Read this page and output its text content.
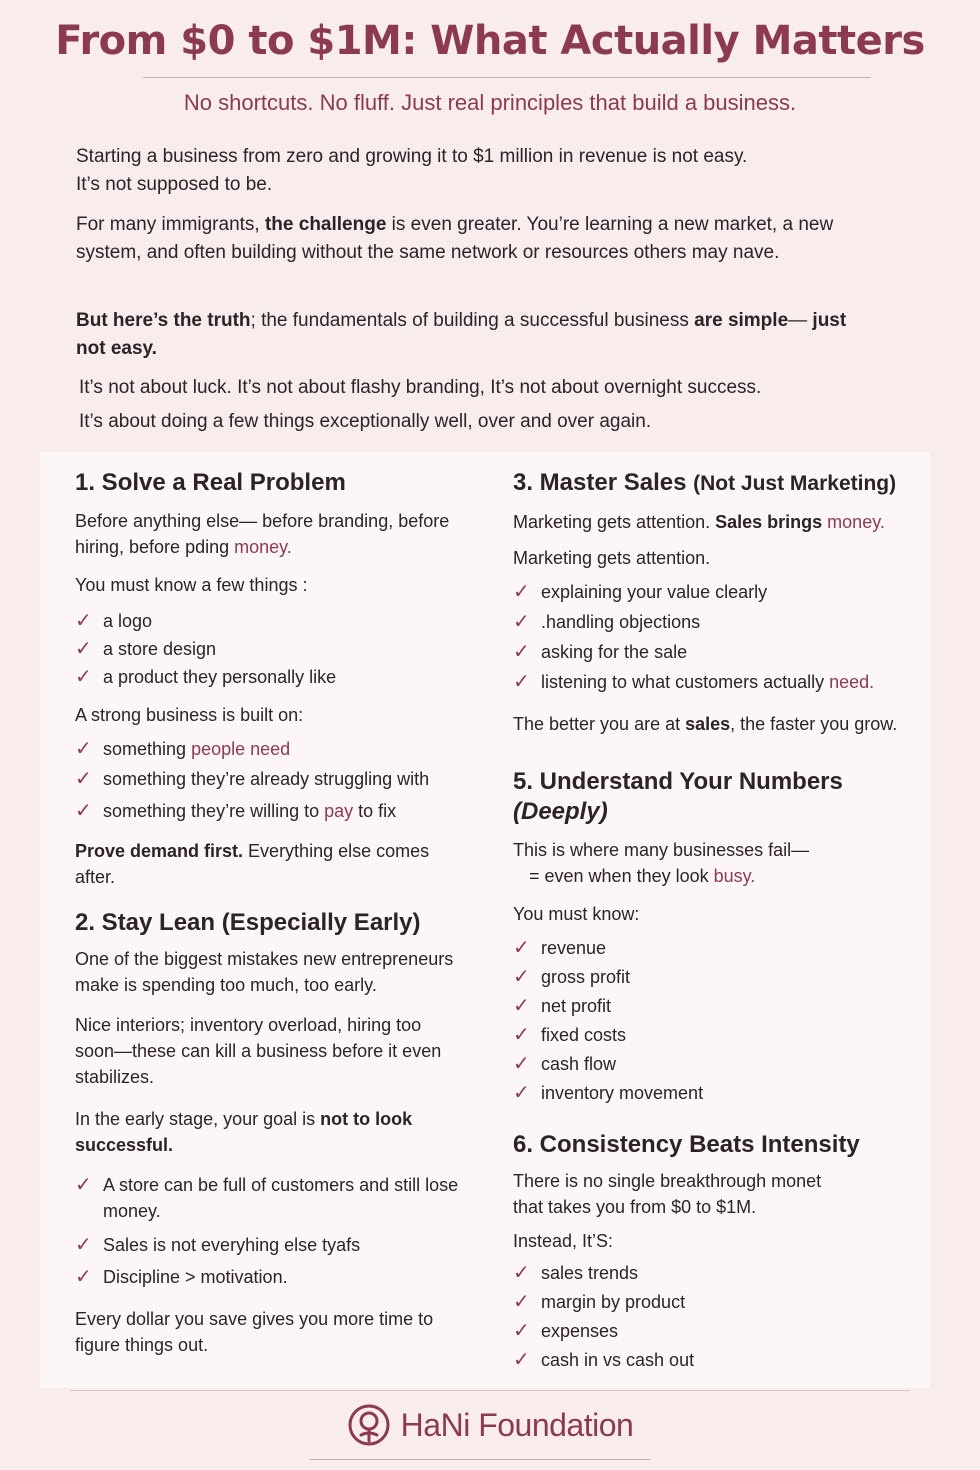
From $0 to $1M: What Actually Matters
No shortcuts. No fluff. Just real principles that build a business.
Starting a business from zero and growing it to $1 million in revenue is not easy.
It’s not supposed to be.
For many immigrants, the challenge is even greater. You’re learning a new market, a new system, and often building without the same network or resources others may nave.
But here’s the truth; the fundamentals of building a successful business are simple— just not easy.
It’s not about luck. It’s not about flashy branding, It’s not about overnight success.
It’s about doing a few things exceptionally well, over and over again.
1. Solve a Real Problem

Before anything else— before branding, before hiring, before pding money.

You must know a few things :

✓ a logo
✓ a store design
✓ a product they personally like

A strong business is built on:

✓ something people need
✓ something they’re already struggling with
✓ something they’re willing to pay to fix

Prove demand first. Everything else comes after.

2. Stay Lean (Especially Early)

One of the biggest mistakes new entrepreneurs make is spending too much, too early.

Nice interiors; inventory overload, hiring too soon—these can kill a business before it even stabilizes.

In the early stage, your goal is not to look successful.

✓ A store can be full of customers and still lose money.
✓ Sales is not everyhing else tyafs
✓ Discipline > motivation.

Every dollar you save gives you more time to figure things out.

3. Master Sales (Not Just Marketing)

Marketing gets attention. Sales brings money.

Marketing gets attention.

✓ explaining your value clearly
✓ .handling objections
✓ asking for the sale
✓ listening to what customers actually need.

The better you are at sales, the faster you grow.

5. Understand Your Numbers (Deeply)

This is where many businesses fail—

= even when they look busy.

You must know:

✓ revenue
✓ gross profit
✓ net profit
✓ fixed costs
✓ cash flow
✓ inventory movement
6. Consistency Beats Intensity

There is no single breakthrough monet that takes you from $0 to $1M.

Instead, It’S:

✓ sales trends
✓ margin by product
✓ expenses
✓ cash in vs cash out
HaNi Foundation
